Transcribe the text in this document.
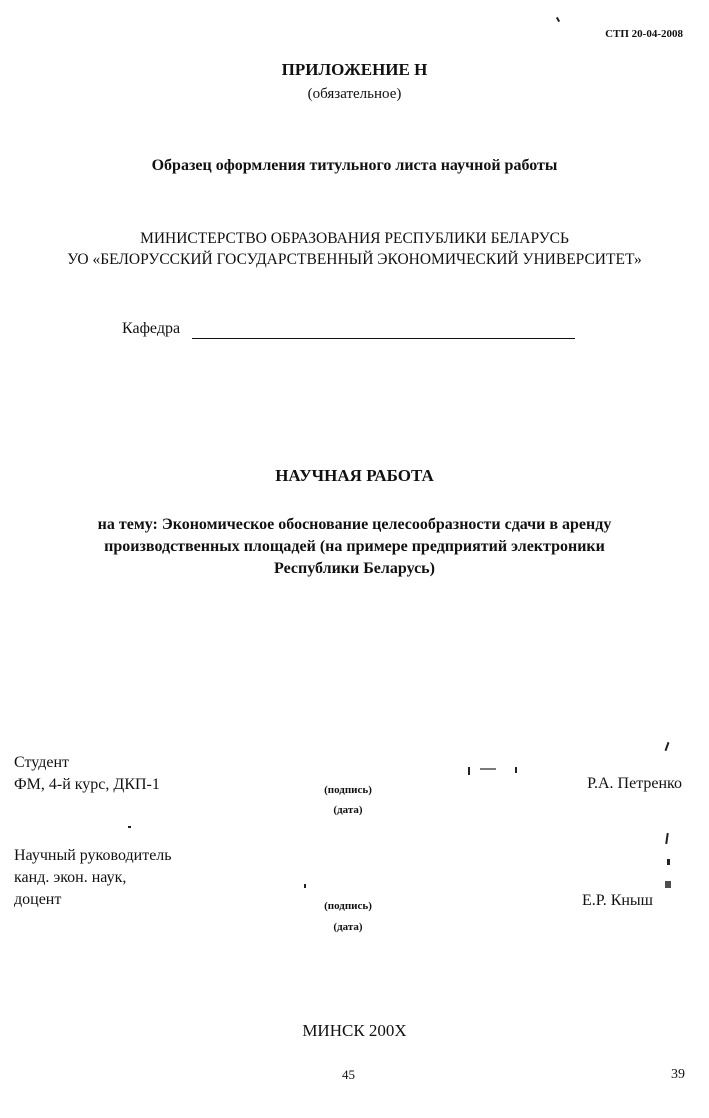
СТП 20-04-2008
ПРИЛОЖЕНИЕ Н
(обязательное)
Образец оформления титульного листа научной работы
МИНИСТЕРСТВО ОБРАЗОВАНИЯ РЕСПУБЛИКИ БЕЛАРУСЬ
УО «БЕЛОРУССКИЙ ГОСУДАРСТВЕННЫЙ ЭКОНОМИЧЕСКИЙ УНИВЕРСИТЕТ»
Кафедра
НАУЧНАЯ РАБОТА
на тему: Экономическое обоснование целесообразности сдачи в аренду
производственных площадей (на примере предприятий электроники
Республики Беларусь)
Студент
ФМ, 4-й курс, ДКП-1	(подпись)
(дата)
Р.А. Петренко
Научный руководитель
канд. экон. наук,
доцент	(подпись)
(дата)
Е.Р. Кныш
МИНСК 200Х
45	39
